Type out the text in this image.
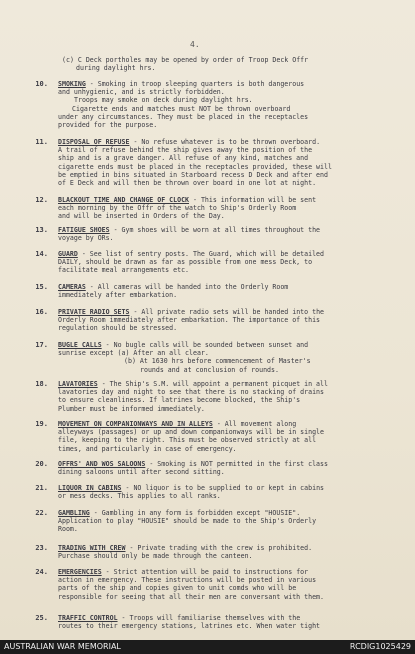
4.
(c) C Deck portholes may be opened by order of Troop Deck Offr
during daylight hrs.
10. SMOKING - Smoking in troop sleeping quarters is both dangerous
and unhygienic, and is strictly forbidden.
Troops may smoke on deck during daylight hrs.
Cigarette ends and matches must NOT be thrown overboard
under any circumstances. They must be placed in the receptacles
provided for the purpose.
11. DISPOSAL OF REFUSE - No refuse whatever is to be thrown overboard.
A trail of refuse behind the ship gives away the position of the
ship and is a grave danger. All refuse of any kind, matches and
cigarette ends must be placed in the receptacles provided, these will
be emptied in bins situated in Starboard recess D Deck and after end
of E Deck and will then be thrown over board in one lot at night.
12. BLACKOUT TIME AND CHANGE OF CLOCK - This information will be sent
each morning by the Offr of the watch to Ship's Orderly Room
and will be inserted in Orders of the Day.
13. FATIGUE SHOES - Gym shoes will be worn at all times throughout the
voyage by ORs.
14. GUARD - See list of sentry posts. The Guard, which will be detailed
DAILY, should be drawn as far as possible from one mess Deck, to
facilitate meal arrangements etc.
15. CAMERAS - All cameras will be handed into the Orderly Room
immediately after embarkation.
16. PRIVATE RADIO SETS - All private radio sets will be handed into the
Orderly Room immediately after embarkation. The importance of this
regulation should be stressed.
17. BUGLE CALLS - No bugle calls will be sounded between sunset and
sunrise except (a) After an all clear.
(b) At 1630 hrs before commencement of Master's
rounds and at conclusion of rounds.
18. LAVATORIES - The Ship's S.M. will appoint a permanent picquet in all
lavatories day and night to see that there is no stacking of drains
to ensure cleanliness. If latrines become blocked, the Ship's
Plumber must be informed immediately.
19. MOVEMENT ON COMPANIONWAYS AND IN ALLEYS - All movement along
alleyways (passages) or up and down companionways will be in single
file, keeping to the right. This must be observed strictly at all
times, and particularly in case of emergency.
20. OFFRS' AND WOS SALOONS - Smoking is NOT permitted in the first class
dining saloons until after second sitting.
21. LIQUOR IN CABINS - NO liquor is to be supplied to or kept in cabins
or mess decks. This applies to all ranks.
22. GAMBLING - Gambling in any form is forbidden except "HOUSIE".
Application to play "HOUSIE" should be made to the Ship's Orderly
Room.
23. TRADING WITH CREW - Private trading with the crew is prohibited.
Purchase should only be made through the canteen.
24. EMERGENCIES - Strict attention will be paid to instructions for
action in emergency. These instructions will be posted in various
parts of the ship and copies given to unit comds who will be
responsible for seeing that all their men are conversant with them.
25. TRAFFIC CONTROL - Troops will familiarise themselves with the
routes to their emergency stations, latrines etc. When water tight
AUSTRALIAN WAR MEMORIAL	RCDIG1025429
